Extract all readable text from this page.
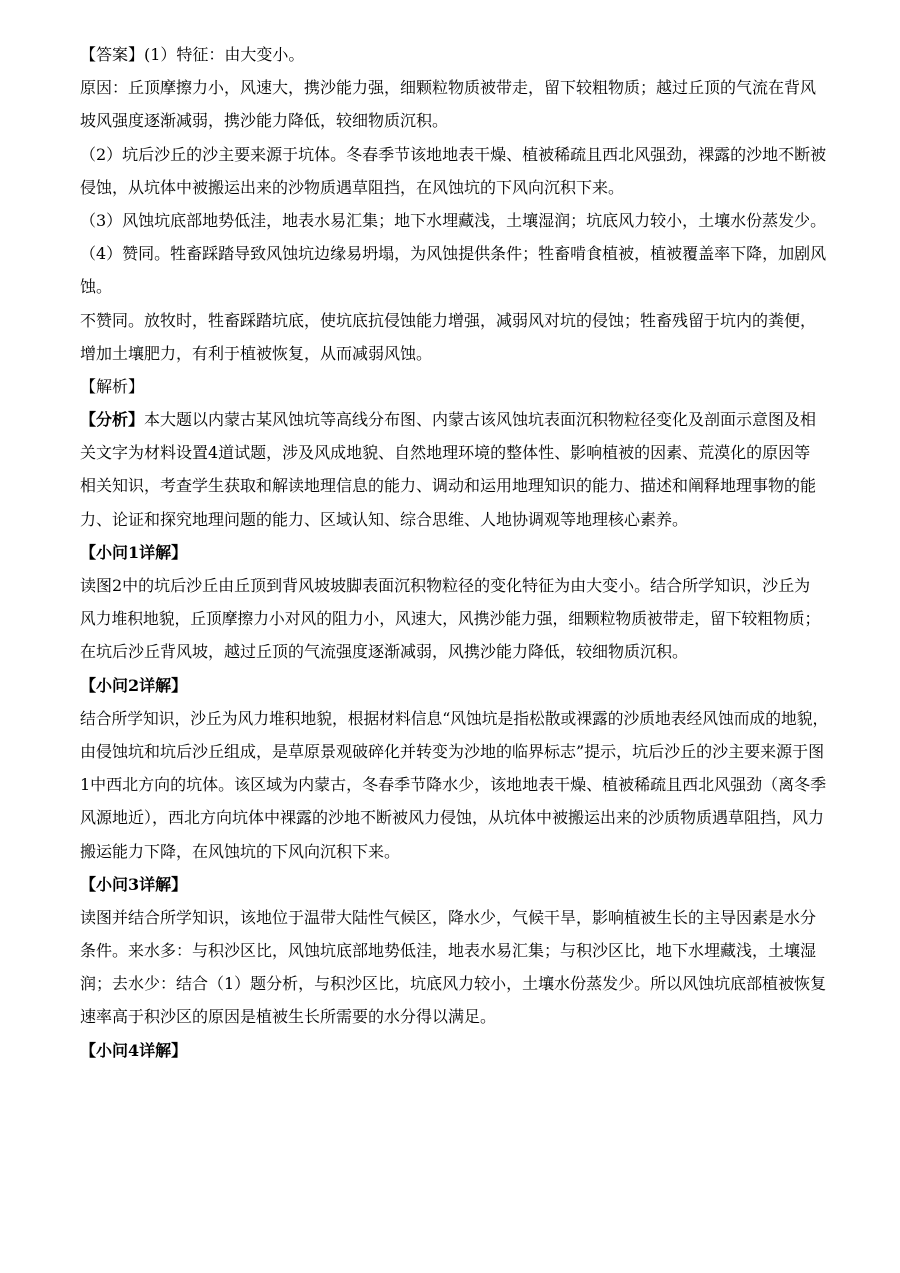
【答案】(1）特征：由大变小。
原因：丘顶摩擦力小，风速大，携沙能力强，细颗粒物质被带走，留下较粗物质；越过丘顶的气流在背风
坡风强度逐渐减弱，携沙能力降低，较细物质沉积。
（2）坑后沙丘的沙主要来源于坑体。冬春季节该地地表干燥、植被稀疏且西北风强劲，裸露的沙地不断被
侵蚀，从坑体中被搬运出来的沙物质遇草阻挡，在风蚀坑的下风向沉积下来。
（3）风蚀坑底部地势低洼，地表水易汇集；地下水埋藏浅，土壤湿润；坑底风力较小，土壤水份蒸发少。
（4）赞同。牲畜踩踏导致风蚀坑边缘易坍塌，为风蚀提供条件；牲畜啃食植被，植被覆盖率下降，加剧风
蚀。
不赞同。放牧时，牲畜踩踏坑底，使坑底抗侵蚀能力增强，减弱风对坑的侵蚀；牲畜残留于坑内的粪便，
增加土壤肥力，有利于植被恢复，从而减弱风蚀。
【解析】
【分析】本大题以内蒙古某风蚀坑等高线分布图、内蒙古该风蚀坑表面沉积物粒径变化及剖面示意图及相
关文字为材料设置4道试题，涉及风成地貌、自然地理环境的整体性、影响植被的因素、荒漠化的原因等
相关知识，考查学生获取和解读地理信息的能力、调动和运用地理知识的能力、描述和阐释地理事物的能
力、论证和探究地理问题的能力、区域认知、综合思维、人地协调观等地理核心素养。
【小问1详解】
读图2中的坑后沙丘由丘顶到背风坡坡脚表面沉积物粒径的变化特征为由大变小。结合所学知识，沙丘为
风力堆积地貌，丘顶摩擦力小对风的阻力小，风速大，风携沙能力强，细颗粒物质被带走，留下较粗物质；
在坑后沙丘背风坡，越过丘顶的气流强度逐渐减弱，风携沙能力降低，较细物质沉积。
【小问2详解】
结合所学知识，沙丘为风力堆积地貌，根据材料信息“风蚀坑是指松散或裸露的沙质地表经风蚀而成的地貌，
由侵蚀坑和坑后沙丘组成，是草原景观破碎化并转变为沙地的临界标志”提示，坑后沙丘的沙主要来源于图
1中西北方向的坑体。该区域为内蒙古，冬春季节降水少，该地地表干燥、植被稀疏且西北风强劲（离冬季
风源地近），西北方向坑体中裸露的沙地不断被风力侵蚀，从坑体中被搬运出来的沙质物质遇草阻挡，风力
搬运能力下降，在风蚀坑的下风向沉积下来。
【小问3详解】
读图并结合所学知识，该地位于温带大陆性气候区，降水少，气候干旱，影响植被生长的主导因素是水分
条件。来水多：与积沙区比，风蚀坑底部地势低洼，地表水易汇集；与积沙区比，地下水埋藏浅，土壤湿
润；去水少：结合（1）题分析，与积沙区比，坑底风力较小，土壤水份蒸发少。所以风蚀坑底部植被恢复
速率高于积沙区的原因是植被生长所需要的水分得以满足。
【小问4详解】
